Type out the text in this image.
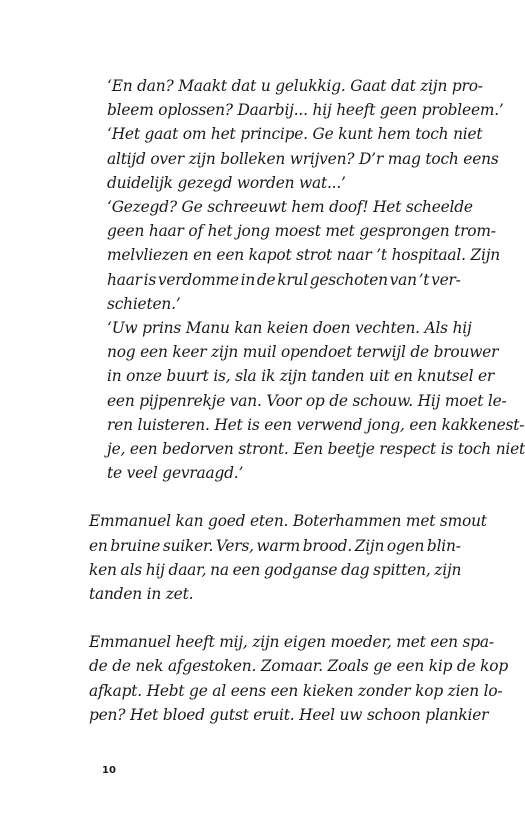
‘En dan? Maakt dat u gelukkig. Gaat dat zijn pro-
bleem oplossen? Daarbij... hij heeft geen probleem.’
‘Het gaat om het principe. Ge kunt hem toch niet
altijd over zijn bolleken wrijven? D’r mag toch eens
duidelijk gezegd worden wat...’
‘Gezegd? Ge schreeuwt hem doof! Het scheelde
geen haar of het jong moest met gesprongen trom-
melvliezen en een kapot strot naar ’t hospitaal. Zijn
haar is verdomme in de krul geschoten van ’t ver-
schieten.’
‘Uw prins Manu kan keien doen vechten. Als hij
nog een keer zijn muil opendoet terwijl de brouwer
in onze buurt is, sla ik zijn tanden uit en knutsel er
een pijpenrekje van. Voor op de schouw. Hij moet le-
ren luisteren. Het is een verwend jong, een kakkenest-
je, een bedorven stront. Een beetje respect is toch niet
te veel gevraagd.’
Emmanuel kan goed eten. Boterhammen met smout
en bruine suiker. Vers, warm brood. Zijn ogen blin-
ken als hij daar, na een godganse dag spitten, zijn
tanden in zet.
Emmanuel heeft mij, zijn eigen moeder, met een spa-
de de nek afgestoken. Zomaar. Zoals ge een kip de kop
afkapt. Hebt ge al eens een kieken zonder kop zien lo-
pen? Het bloed gutst eruit. Heel uw schoon plankier
10
